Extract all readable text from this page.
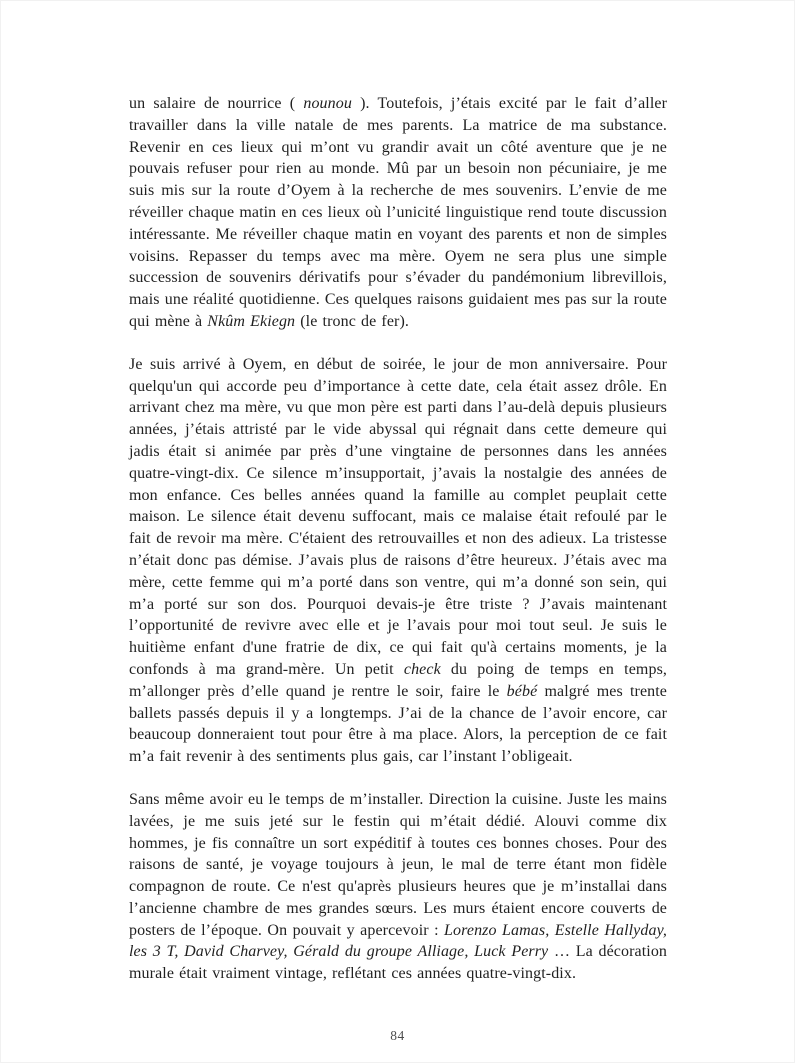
un salaire de nourrice ( nounou ). Toutefois, j’étais excité par le fait d’aller travailler dans la ville natale de mes parents. La matrice de ma substance. Revenir en ces lieux qui m’ont vu grandir avait un côté aventure que je ne pouvais refuser pour rien au monde. Mû par un besoin non pécuniaire, je me suis mis sur la route d’Oyem à la recherche de mes souvenirs. L’envie de me réveiller chaque matin en ces lieux où l’unicité linguistique rend toute discussion intéressante. Me réveiller chaque matin en voyant des parents et non de simples voisins. Repasser du temps avec ma mère. Oyem ne sera plus une simple succession de souvenirs dérivatifs pour s’évader du pandémonium librevillois, mais une réalité quotidienne. Ces quelques raisons guidaient mes pas sur la route qui mène à Nkûm Ekiegn (le tronc de fer).

Je suis arrivé à Oyem, en début de soirée, le jour de mon anniversaire. Pour quelqu'un qui accorde peu d’importance à cette date, cela était assez drôle. En arrivant chez ma mère, vu que mon père est parti dans l’au-delà depuis plusieurs années, j’étais attristé par le vide abyssal qui régnait dans cette demeure qui jadis était si animée par près d’une vingtaine de personnes dans les années quatre-vingt-dix. Ce silence m’insupportait, j’avais la nostalgie des années de mon enfance. Ces belles années quand la famille au complet peuplait cette maison. Le silence était devenu suffocant, mais ce malaise était refoulé par le fait de revoir ma mère. C'étaient des retrouvailles et non des adieux. La tristesse n’était donc pas démise. J’avais plus de raisons d’être heureux. J’étais avec ma mère, cette femme qui m’a porté dans son ventre, qui m’a donné son sein, qui m’a porté sur son dos. Pourquoi devais-je être triste ? J’avais maintenant l’opportunité de revivre avec elle et je l’avais pour moi tout seul. Je suis le huitième enfant d'une fratrie de dix, ce qui fait qu'à certains moments, je la confonds à ma grand-mère. Un petit check du poing de temps en temps, m’allonger près d’elle quand je rentre le soir, faire le bébé malgré mes trente ballets passés depuis il y a longtemps. J’ai de la chance de l’avoir encore, car beaucoup donneraient tout pour être à ma place. Alors, la perception de ce fait m’a fait revenir à des sentiments plus gais, car l’instant l’obligeait.

Sans même avoir eu le temps de m’installer. Direction la cuisine. Juste les mains lavées, je me suis jeté sur le festin qui m’était dédié. Alouvi comme dix hommes, je fis connaître un sort expéditif à toutes ces bonnes choses. Pour des raisons de santé, je voyage toujours à jeun, le mal de terre étant mon fidèle compagnon de route. Ce n'est qu'après plusieurs heures que je m’installai dans l’ancienne chambre de mes grandes sœurs. Les murs étaient encore couverts de posters de l’époque. On pouvait y apercevoir : Lorenzo Lamas, Estelle Hallyday, les 3 T, David Charvey, Gérald du groupe Alliage, Luck Perry … La décoration murale était vraiment vintage, reflétant ces années quatre-vingt-dix.

84
